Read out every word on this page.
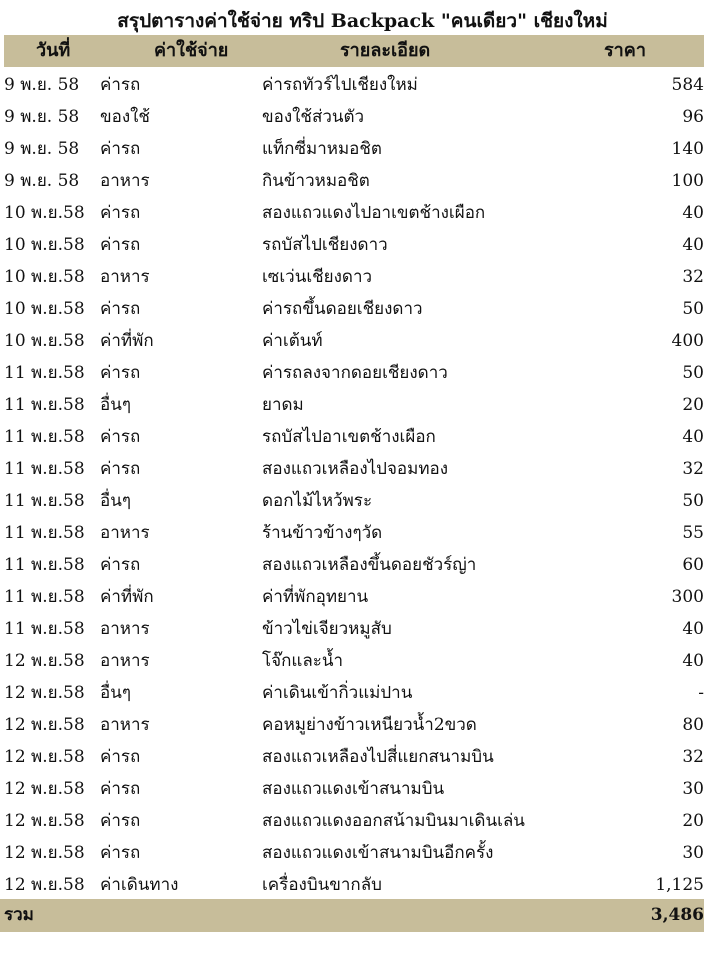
สรุปตารางค่าใช้จ่าย ทริป Backpack "คนเดียว" เชียงใหม่
วันที่	ค่าใช้จ่าย	รายละเอียด	ราคา
9 พ.ย. 58 ค่ารถ	ค่ารถทัวร์ไปเชียงใหม่	584
9 พ.ย. 58 ของใช้	ของใช้ส่วนตัว	96
9 พ.ย. 58 ค่ารถ	แท็กซี่มาหมอชิต	140
9 พ.ย. 58 อาหาร	กินข้าวหมอชิต	100
10 พ.ย.58 ค่ารถ	สองแถวแดงไปอาเขตช้างเผือก	40
10 พ.ย.58 ค่ารถ	รถบัสไปเชียงดาว	40
10 พ.ย.58 อาหาร	เซเว่นเชียงดาว	32
10 พ.ย.58 ค่ารถ	ค่ารถขึ้นดอยเชียงดาว	50
10 พ.ย.58 ค่าที่พัก	ค่าเต้นท์	400
11 พ.ย.58 ค่ารถ	ค่ารถลงจากดอยเชียงดาว	50
11 พ.ย.58 อื่นๆ	ยาดม	20
11 พ.ย.58 ค่ารถ	รถบัสไปอาเขตช้างเผือก	40
11 พ.ย.58 ค่ารถ	สองแถวเหลืองไปจอมทอง	32
11 พ.ย.58 อื่นๆ	ดอกไม้ไหว้พระ	50
11 พ.ย.58 อาหาร	ร้านข้าวข้างๆวัด	55
11 พ.ย.58 ค่ารถ	สองแถวเหลืองขึ้นดอยชัวร์ญ่า	60
11 พ.ย.58 ค่าที่พัก	ค่าที่พักอุทยาน	300
11 พ.ย.58 อาหาร	ข้าวไข่เจียวหมูสับ	40
12 พ.ย.58 อาหาร	โจ๊กและน้ำ	40
12 พ.ย.58 อื่นๆ	ค่าเดินเข้ากิ่วแม่ปาน	-
12 พ.ย.58 อาหาร	คอหมูย่างข้าวเหนียวน้ำ2ขวด	80
12 พ.ย.58 ค่ารถ	สองแถวเหลืองไปสี่แยกสนามบิน	32
12 พ.ย.58 ค่ารถ	สองแถวแดงเข้าสนามบิน	30
12 พ.ย.58 ค่ารถ	สองแถวแดงออกสน้ามบินมาเดินเล่น	20
12 พ.ย.58 ค่ารถ	สองแถวแดงเข้าสนามบินอีกครั้ง	30
12 พ.ย.58 ค่าเดินทาง	เครื่องบินขากลับ	1,125
รวม	3,486
